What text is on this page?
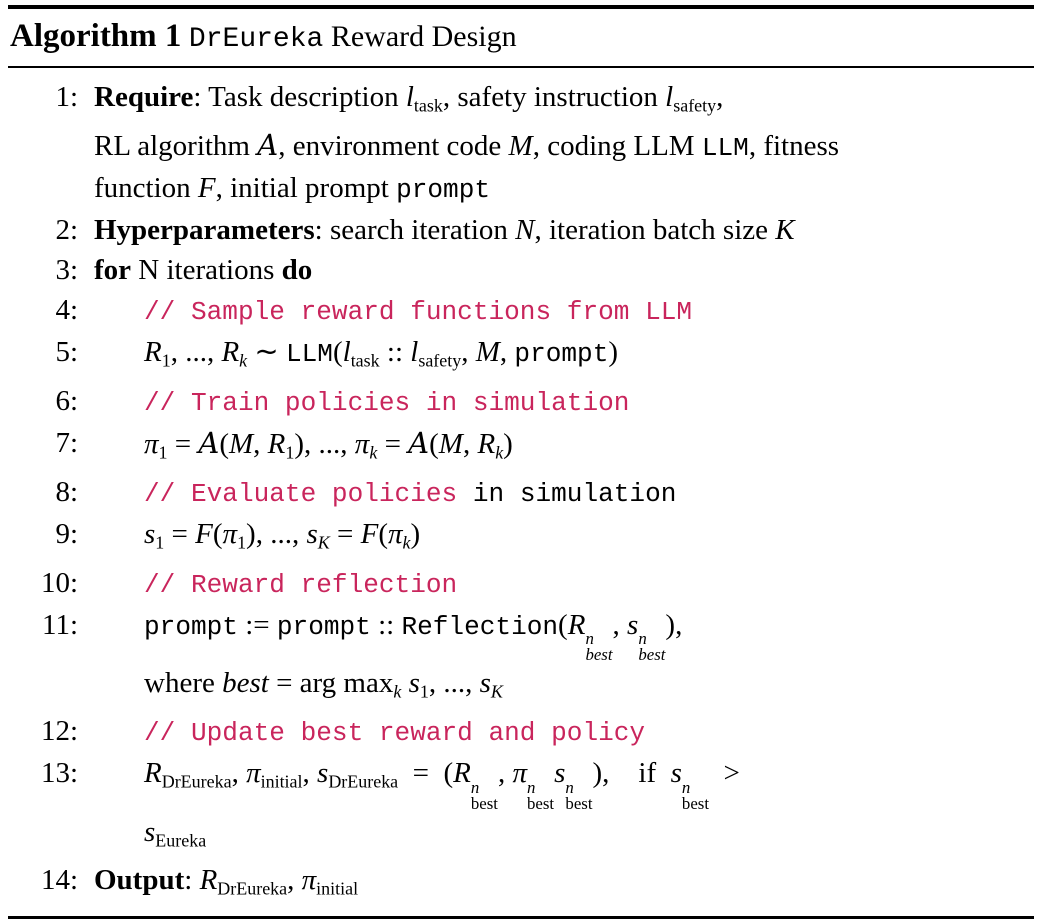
Algorithm 1 DrEureka Reward Design
1: Require: Task description $l_{task}$, safety instruction $l_{safety}$,
RL algorithm A, environment code M, coding LLM LLM, fitness
function F, initial prompt prompt
2: Hyperparameters: search iteration N, iteration batch size K
3: for N iterations do
4:	// Sample reward functions from LLM
5:	$R_1$, ..., Rk ∼ $LLM(l_{task}$ :: $l_{safety}$, M, prompt)
6:	// Train policies in simulation
7:	$\pi_1 = A(M$, $R_1$), ..., πk = A(M, Rk)
8:	// Evaluate policies in simulation
9:	$s_1 = F(\pi_1)$, ..., sK = F(πk)
10:	// Reward reflection
11:	prompt := prompt :: Reflection(R n
best
, s n
best
),
where best = arg maxk $s_1$, ..., sK
12:	// Update best reward and policy
13:	$R_{DrEureka}$, $\pi_{initial}$, $s_{DrEureka} = (R$ n
best
, π n
best
s n
best
),    if  s n
best
>
$s_{Eureka}$
14: Output: $R_{DrEureka}$, $\pi_{initial}$
